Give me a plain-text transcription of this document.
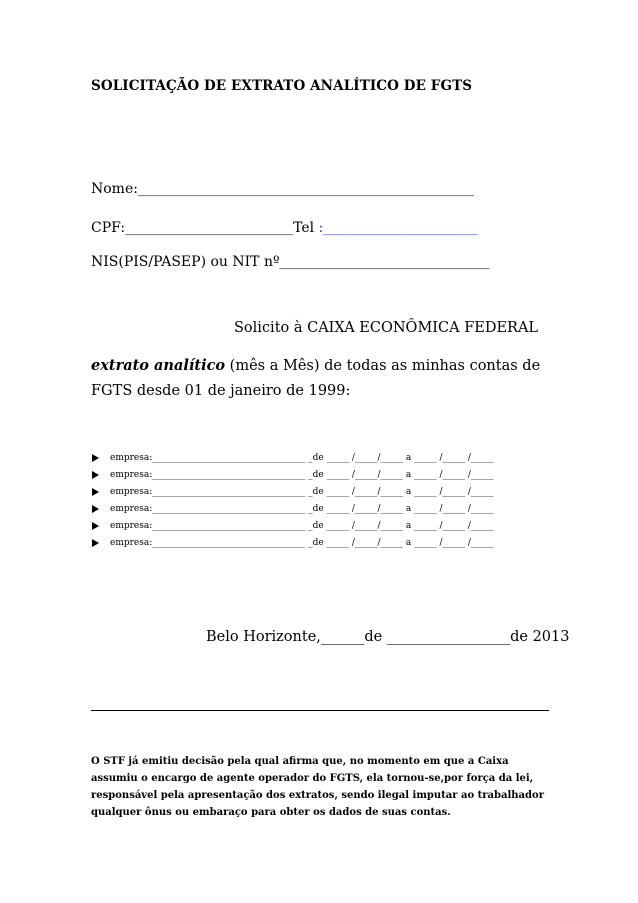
SOLICITAÇÃO DE EXTRATO ANALÍTICO DE FGTS
Nome:________________________________________________
CPF:________________________Tel :______________________
NIS(PIS/PASEP) ou NIT nº______________________________
Solicito à CAIXA ECONÔMICA FEDERAL
extrato analítico (mês a Mês) de todas as minhas contas de
FGTS desde 01 de janeiro de 1999:
empresa:__________________________________ _de _____ /_____/_____ a _____ /_____ /_____
empresa:__________________________________ _de _____ /_____/_____ a _____ /_____ /_____
empresa:__________________________________ _de _____ /_____/_____ a _____ /_____ /_____
empresa:__________________________________ _de _____ /_____/_____ a _____ /_____ /_____
empresa:__________________________________ _de _____ /_____/_____ a _____ /_____ /_____
empresa:__________________________________ _de _____ /_____/_____ a _____ /_____ /_____
Belo Horizonte,______de _________________de 2013
O STF já emitiu decisão pela qual afirma que, no momento em que a Caixa assumiu o encargo de agente operador do FGTS, ela tornou-se,por força da lei, responsável pela apresentação dos extratos, sendo ilegal imputar ao trabalhador qualquer ônus ou embaraço para obter os dados de suas contas.
